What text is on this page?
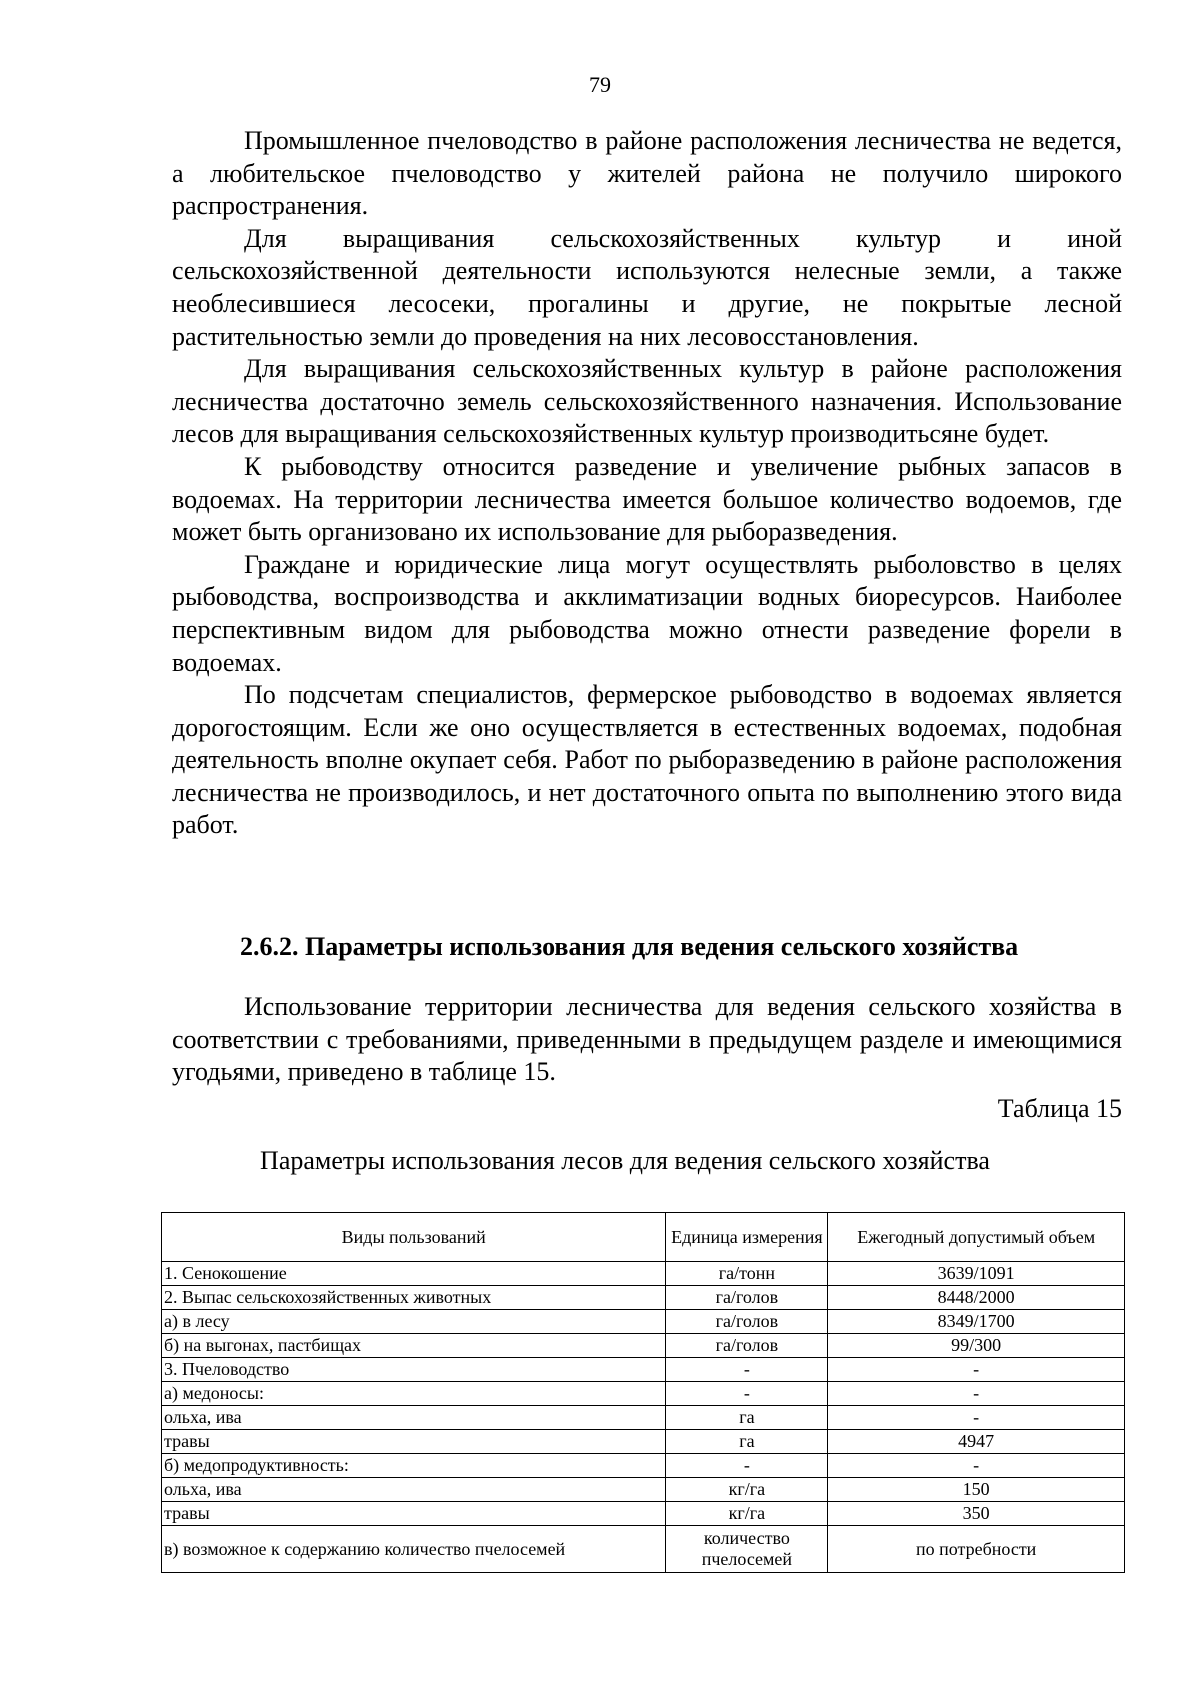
79

Промышленное пчеловодство в районе расположения лесничества не ведется, а любительское пчеловодство у жителей района не получило широкого распространения.

Для выращивания сельскохозяйственных культур и иной сельскохозяйственной деятельности используются нелесные земли, а также необлесившиеся лесосеки, прогалины и другие, не покрытые лесной растительностью земли до проведения на них лесовосстановления.

Для выращивания сельскохозяйственных культур в районе расположения лесничества достаточно земель сельскохозяйственного назначения. Использование лесов для выращивания сельскохозяйственных культур производитьсяне будет.

К рыбоводству относится разведение и увеличение рыбных запасов в водоемах. На территории лесничества имеется большое количество водоемов, где может быть организовано их использование для рыборазведения.

Граждане и юридические лица могут осуществлять рыболовство в целях рыбоводства, воспроизводства и акклиматизации водных биоресурсов. Наиболее перспективным видом для рыбоводства можно отнести разведение форели в водоемах.

По подсчетам специалистов, фермерское рыбоводство в водоемах является дорогостоящим. Если же оно осуществляется в естественных водоемах, подобная деятельность вполне окупает себя. Работ по рыборазведению в районе расположения лесничества не производилось, и нет достаточного опыта по выполнению этого вида работ.

2.6.2. Параметры использования для ведения сельского хозяйства

Использование территории лесничества для ведения сельского хозяйства в соответствии с требованиями, приведенными в предыдущем разделе и имеющимися угодьями, приведено в таблице 15.

Таблица 15
Параметры использования лесов для ведения сельского хозяйства
Виды пользований	Единица измерения	Ежегодный допустимый объем
1. Сенокошение	га/тонн	3639/1091
2. Выпас сельскохозяйственных животных	га/голов	8448/2000
а) в лесу	га/голов	8349/1700
б) на выгонах, пастбищах	га/голов	99/300
3. Пчеловодство	-	-
а) медоносы:	-	-
ольха, ива	га	-
травы	га	4947
б) медопродуктивность:	-	-
ольха, ива	кг/га	150
травы	кг/га	350
в) возможное к содержанию количество пчелосемей	количество пчелосемей	по потребности
